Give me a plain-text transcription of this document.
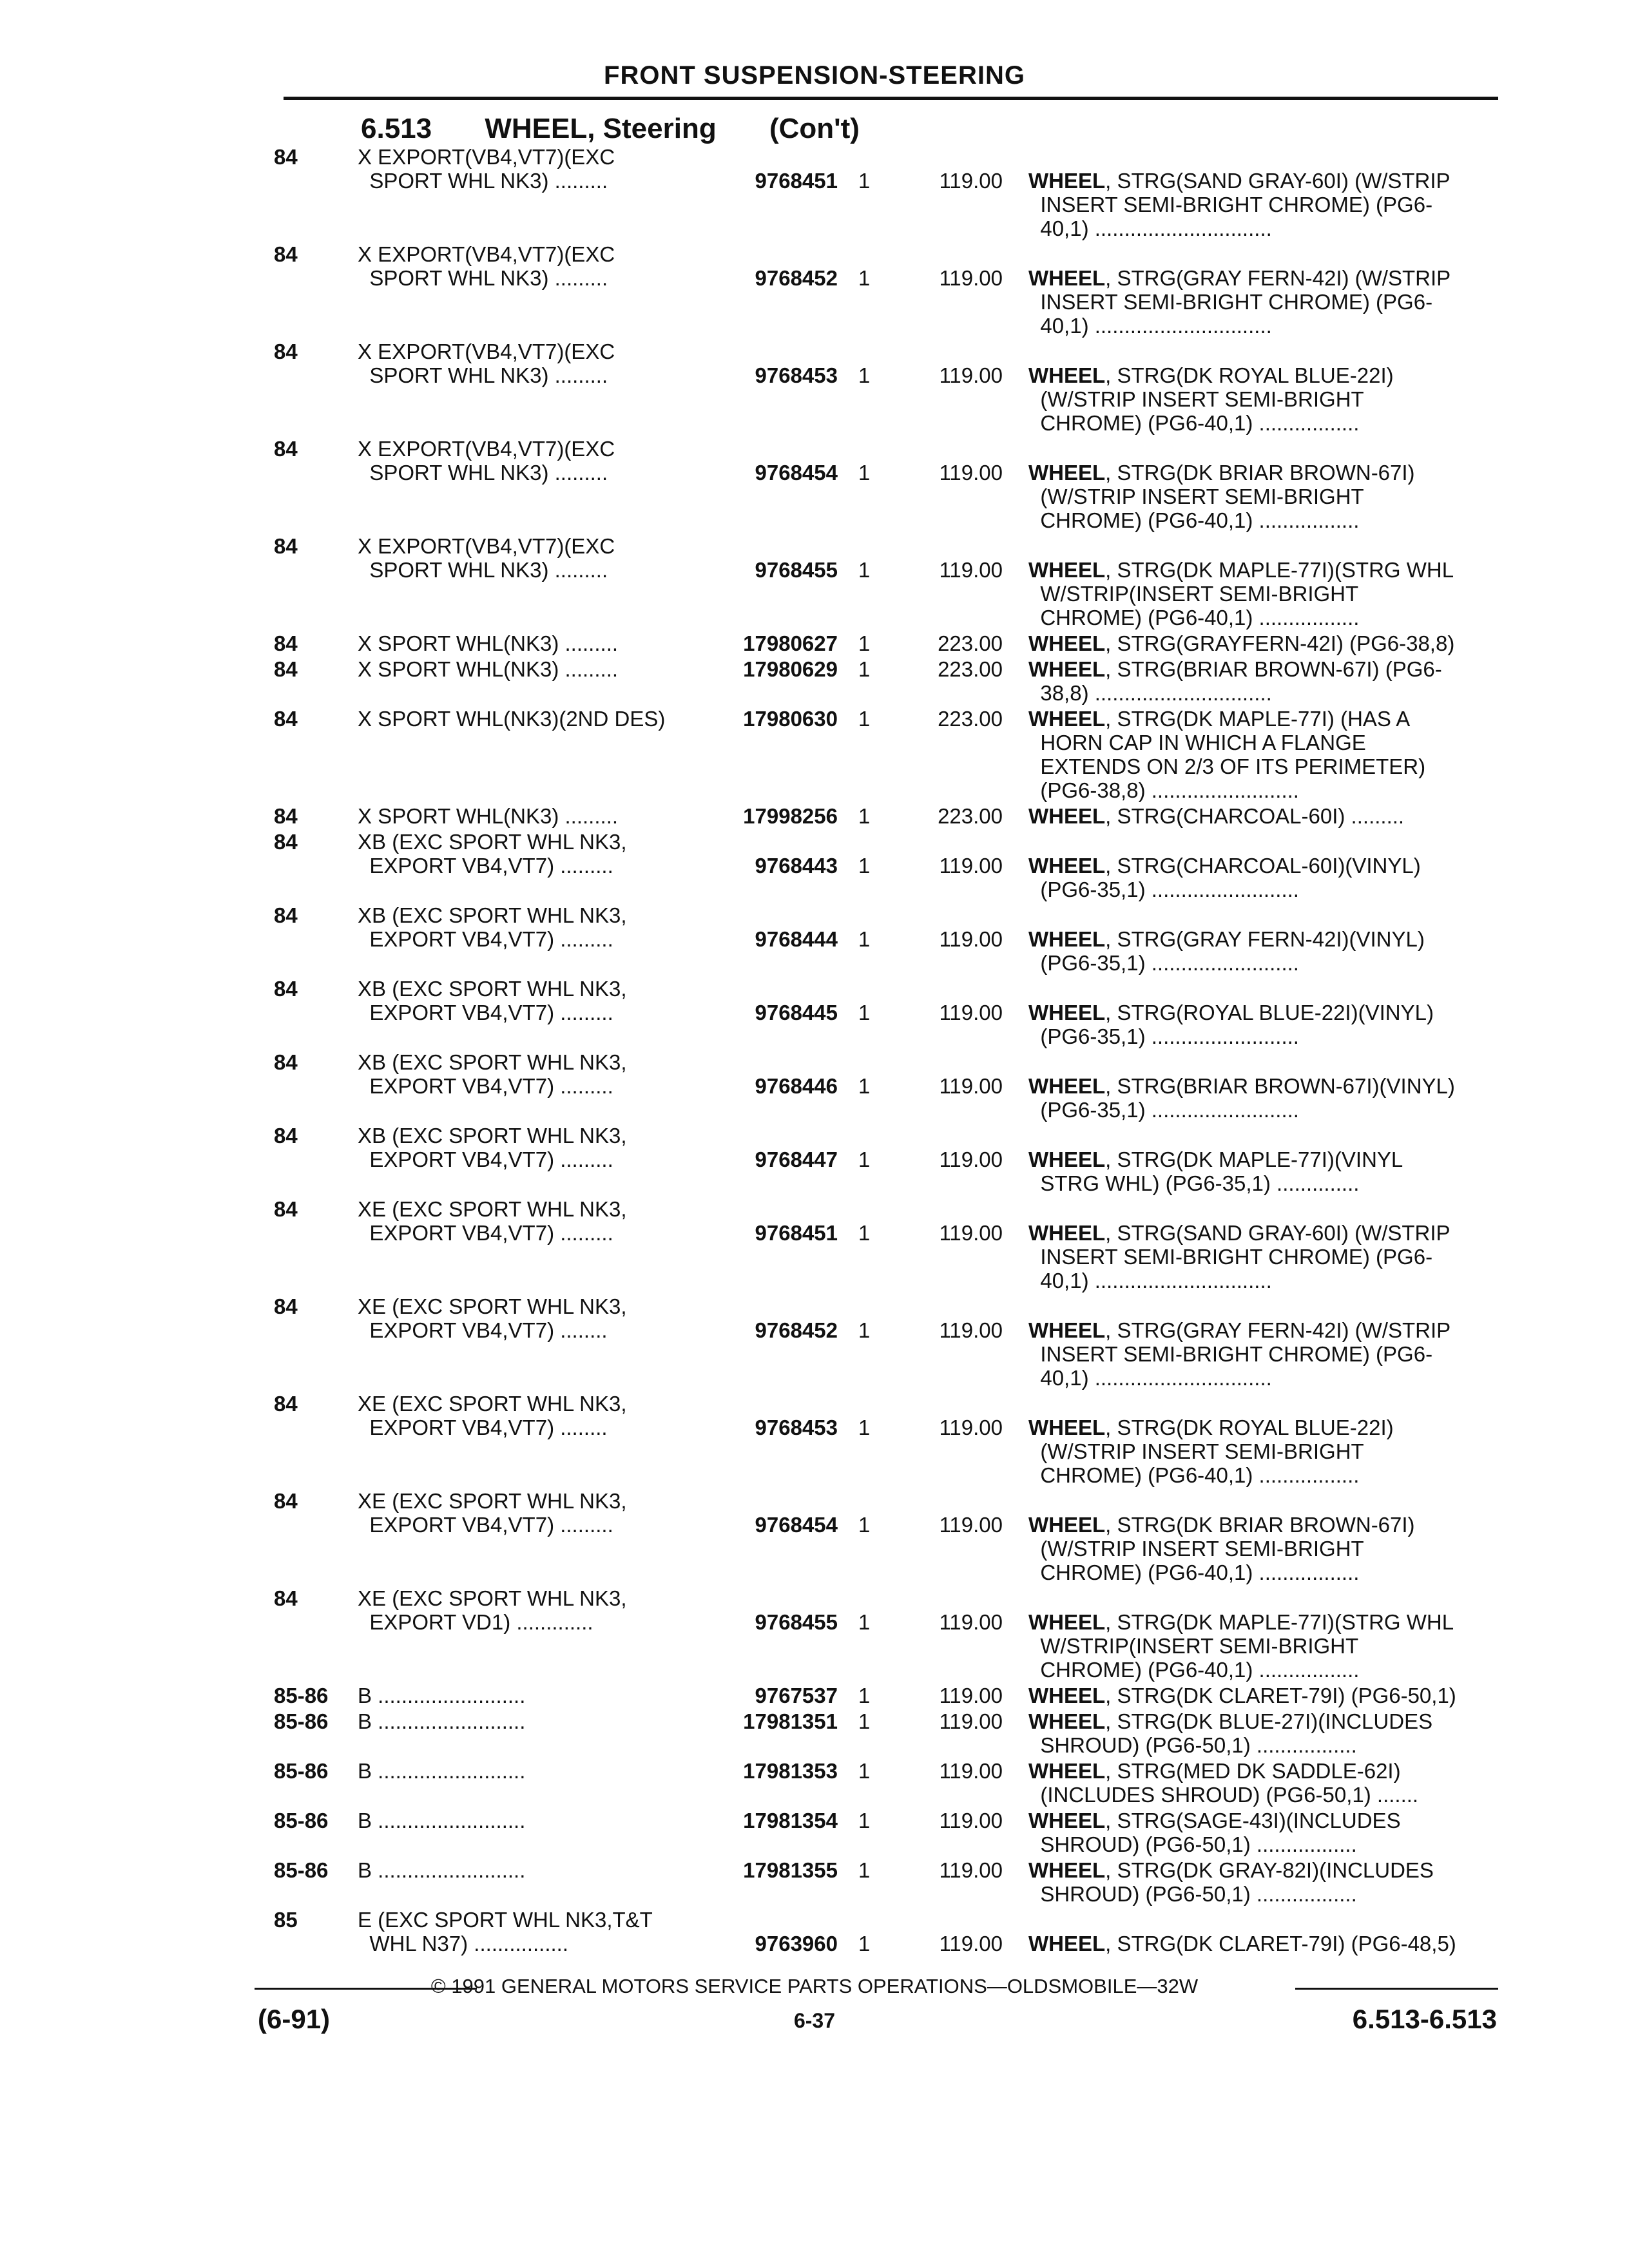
FRONT SUSPENSION-STEERING
6.513 WHEEL, Steering (Con't)
84	X EXPORT(VB4,VT7)(EXC
SPORT WHL NK3) .........	9768451 1	119.00 WHEEL, STRG(SAND GRAY-60I) (W/STRIP
INSERT SEMI-BRIGHT CHROME) (PG6-
40,1) ..............................
84	X EXPORT(VB4,VT7)(EXC
SPORT WHL NK3) .........	9768452 1	119.00 WHEEL, STRG(GRAY FERN-42I) (W/STRIP
INSERT SEMI-BRIGHT CHROME) (PG6-
40,1) ..............................
84	X EXPORT(VB4,VT7)(EXC
SPORT WHL NK3) .........	9768453 1	119.00 WHEEL, STRG(DK ROYAL BLUE-22I)
(W/STRIP INSERT SEMI-BRIGHT
CHROME) (PG6-40,1) .................
84	X EXPORT(VB4,VT7)(EXC
SPORT WHL NK3) .........	9768454 1	119.00 WHEEL, STRG(DK BRIAR BROWN-67I)
(W/STRIP INSERT SEMI-BRIGHT
CHROME) (PG6-40,1) .................
84	X EXPORT(VB4,VT7)(EXC
SPORT WHL NK3) .........	9768455 1	119.00 WHEEL, STRG(DK MAPLE-77I)(STRG WHL
W/STRIP(INSERT SEMI-BRIGHT
CHROME) (PG6-40,1) .................
84	X SPORT WHL(NK3) .........	17980627 1	223.00 WHEEL, STRG(GRAYFERN-42I) (PG6-38,8)
84	X SPORT WHL(NK3) .........	17980629 1	223.00 WHEEL, STRG(BRIAR BROWN-67I) (PG6-
38,8) ..............................
84	X SPORT WHL(NK3)(2ND DES)	17980630 1	223.00 WHEEL, STRG(DK MAPLE-77I) (HAS A
HORN CAP IN WHICH A FLANGE
EXTENDS ON 2/3 OF ITS PERIMETER)
(PG6-38,8) .........................
84	X SPORT WHL(NK3) .........	17998256 1	223.00 WHEEL, STRG(CHARCOAL-60I) .........
84	XB (EXC SPORT WHL NK3,
EXPORT VB4,VT7) .........	9768443 1	119.00 WHEEL, STRG(CHARCOAL-60I)(VINYL)
(PG6-35,1) .........................
84	XB (EXC SPORT WHL NK3,
EXPORT VB4,VT7) .........	9768444 1	119.00 WHEEL, STRG(GRAY FERN-42I)(VINYL)
(PG6-35,1) .........................
84	XB (EXC SPORT WHL NK3,
EXPORT VB4,VT7) .........	9768445 1	119.00 WHEEL, STRG(ROYAL BLUE-22I)(VINYL)
(PG6-35,1) .........................
84	XB (EXC SPORT WHL NK3,
EXPORT VB4,VT7) .........	9768446 1	119.00 WHEEL, STRG(BRIAR BROWN-67I)(VINYL)
(PG6-35,1) .........................
84	XB (EXC SPORT WHL NK3,
EXPORT VB4,VT7) .........	9768447 1	119.00 WHEEL, STRG(DK MAPLE-77I)(VINYL
STRG WHL) (PG6-35,1) ..............
84	XE (EXC SPORT WHL NK3,
EXPORT VB4,VT7) .........	9768451 1	119.00 WHEEL, STRG(SAND GRAY-60I) (W/STRIP
INSERT SEMI-BRIGHT CHROME) (PG6-
40,1) ..............................
84	XE (EXC SPORT WHL NK3,
EXPORT VB4,VT7) ........	9768452 1	119.00 WHEEL, STRG(GRAY FERN-42I) (W/STRIP
INSERT SEMI-BRIGHT CHROME) (PG6-
40,1) ..............................
84	XE (EXC SPORT WHL NK3,
EXPORT VB4,VT7) ........	9768453 1	119.00 WHEEL, STRG(DK ROYAL BLUE-22I)
(W/STRIP INSERT SEMI-BRIGHT
CHROME) (PG6-40,1) .................
84	XE (EXC SPORT WHL NK3,
EXPORT VB4,VT7) .........	9768454 1	119.00 WHEEL, STRG(DK BRIAR BROWN-67I)
(W/STRIP INSERT SEMI-BRIGHT
CHROME) (PG6-40,1) .................
84	XE (EXC SPORT WHL NK3,
EXPORT VD1) .............	9768455 1	119.00 WHEEL, STRG(DK MAPLE-77I)(STRG WHL
W/STRIP(INSERT SEMI-BRIGHT
CHROME) (PG6-40,1) .................
85-86 B .........................	9767537 1	119.00 WHEEL, STRG(DK CLARET-79I) (PG6-50,1)
85-86 B .........................	17981351 1	119.00 WHEEL, STRG(DK BLUE-27I)(INCLUDES
SHROUD) (PG6-50,1) .................
85-86 B .........................	17981353 1	119.00 WHEEL, STRG(MED DK SADDLE-62I)
(INCLUDES SHROUD) (PG6-50,1) .......
85-86 B .........................	17981354 1	119.00 WHEEL, STRG(SAGE-43I)(INCLUDES
SHROUD) (PG6-50,1) .................
85-86 B .........................	17981355 1	119.00 WHEEL, STRG(DK GRAY-82I)(INCLUDES
SHROUD) (PG6-50,1) .................
85	E (EXC SPORT WHL NK3,T&T
WHL N37) ................	9763960 1	119.00 WHEEL, STRG(DK CLARET-79I) (PG6-48,5)
© 1991 GENERAL MOTORS SERVICE PARTS OPERATIONS—OLDSMOBILE—32W
(6-91)	6-37	6.513-6.513
